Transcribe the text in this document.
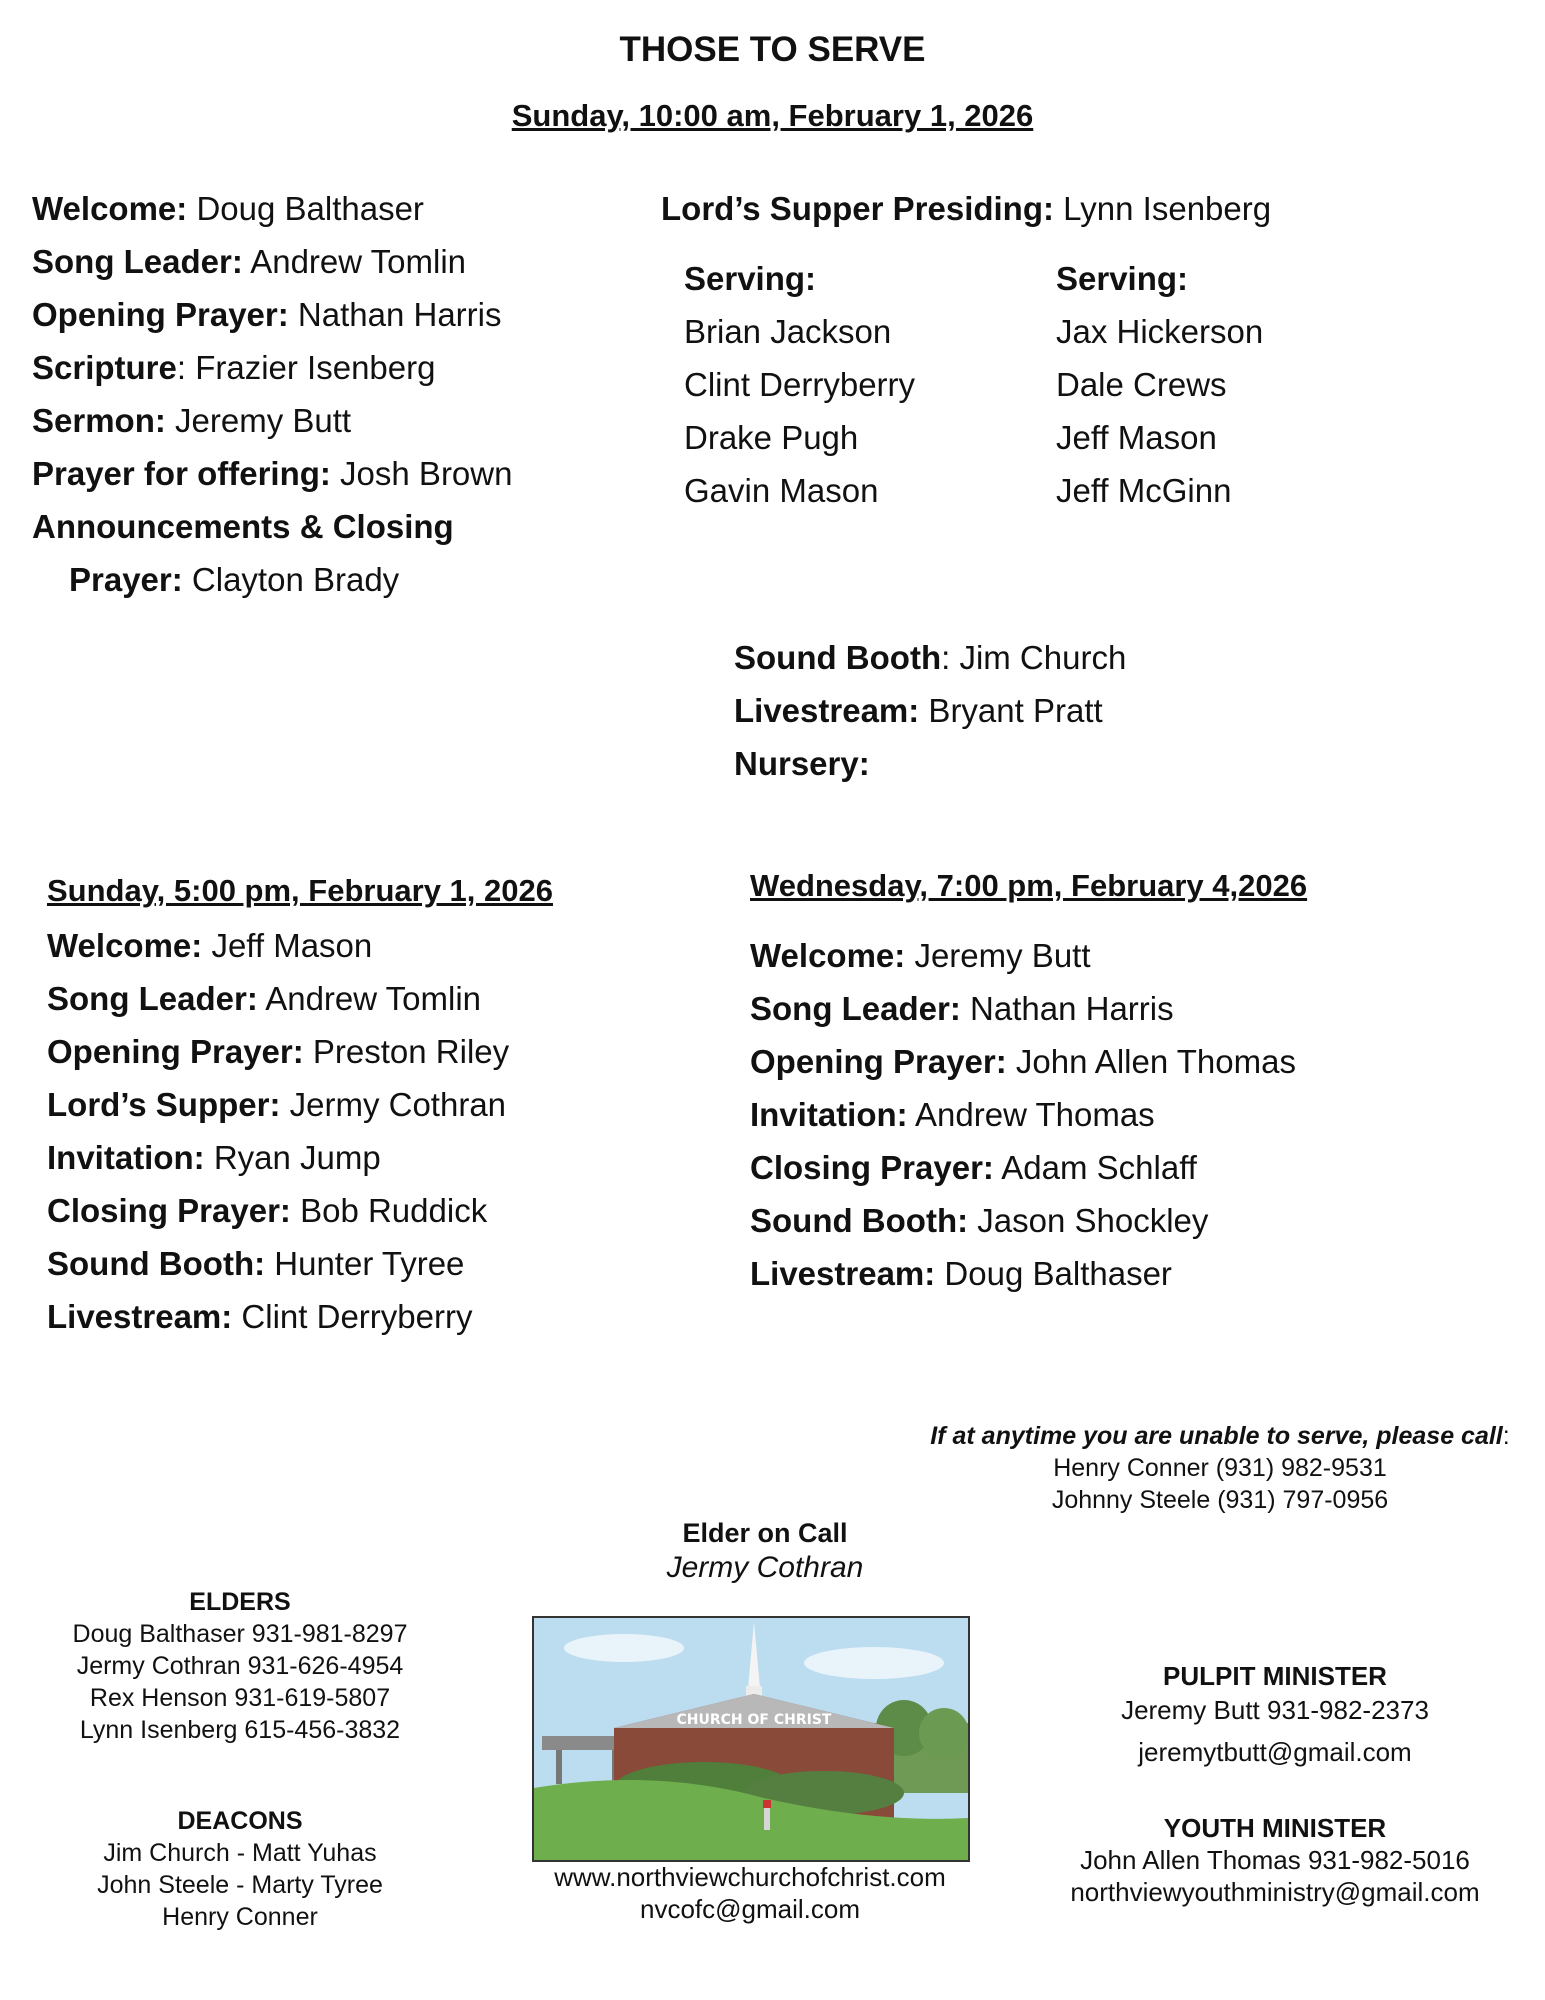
THOSE TO SERVE
Sunday, 10:00 am, February 1, 2026
Welcome: Doug Balthaser
Song Leader: Andrew Tomlin
Opening Prayer: Nathan Harris
Scripture: Frazier Isenberg
Sermon: Jeremy Butt
Prayer for offering: Josh Brown
Announcements & Closing
Prayer: Clayton Brady
Lord’s Supper Presiding: Lynn Isenberg
Serving:
Brian Jackson
Clint Derryberry
Drake Pugh
Gavin Mason
Serving:
Jax Hickerson
Dale Crews
Jeff Mason
Jeff McGinn
Sound Booth: Jim Church
Livestream: Bryant Pratt
Nursery:
Sunday, 5:00 pm, February 1, 2026
Welcome: Jeff Mason
Song Leader: Andrew Tomlin
Opening Prayer: Preston Riley
Lord’s Supper: Jermy Cothran
Invitation: Ryan Jump
Closing Prayer: Bob Ruddick
Sound Booth: Hunter Tyree
Livestream: Clint Derryberry
Wednesday, 7:00 pm, February 4,2026
Welcome: Jeremy Butt
Song Leader: Nathan Harris
Opening Prayer: John Allen Thomas
Invitation: Andrew Thomas
Closing Prayer: Adam Schlaff
Sound Booth: Jason Shockley
Livestream: Doug Balthaser
If at anytime you are unable to serve, please call:
Henry Conner (931) 982-9531
Johnny Steele (931) 797-0956
Elder on Call
Jermy Cothran
ELDERS
Doug Balthaser 931-981-8297
Jermy Cothran 931-626-4954
Rex Henson 931-619-5807
Lynn Isenberg 615-456-3832
DEACONS
Jim Church - Matt Yuhas
John Steele - Marty Tyree
Henry Conner
CHURCH OF CHRIST
www.northviewchurchofchrist.com
nvcofc@gmail.com
PULPIT MINISTER
Jeremy Butt 931-982-2373
jeremytbutt@gmail.com
YOUTH MINISTER
John Allen Thomas 931-982-5016
northviewyouthministry@gmail.com
